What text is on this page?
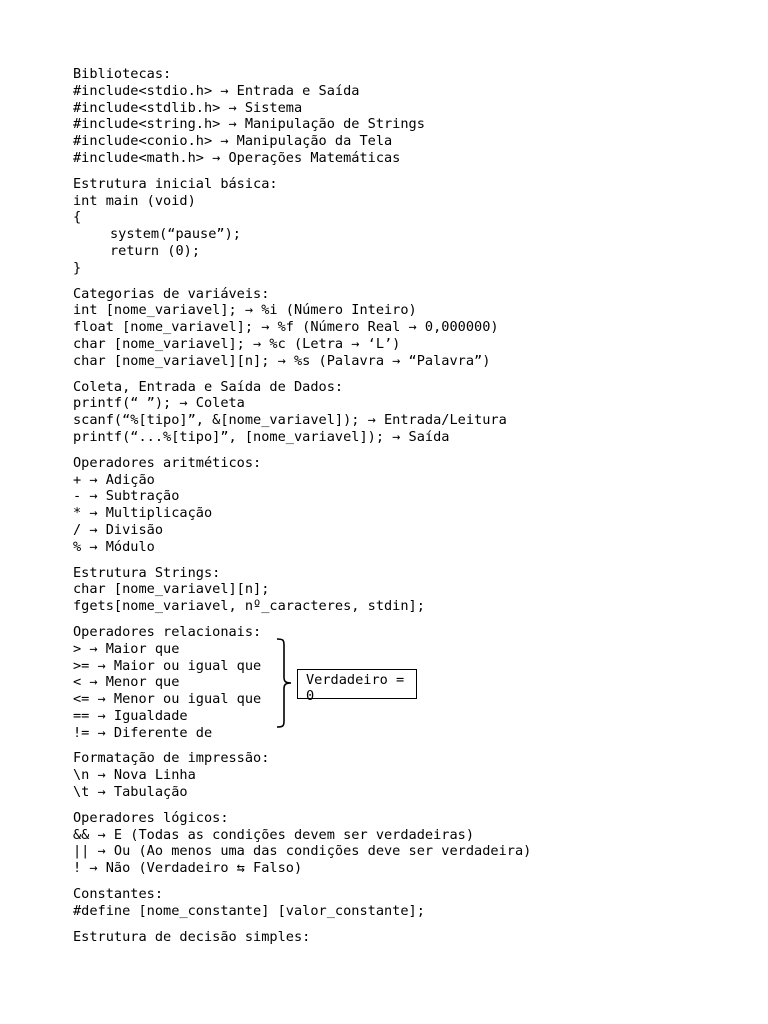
Bibliotecas:
#include<stdio.h> → Entrada e Saída
#include<stdlib.h> → Sistema
#include<string.h> → Manipulação de Strings
#include<conio.h> → Manipulação da Tela
#include<math.h> → Operações Matemáticas
Estrutura inicial básica:
int main (void)
{
system(“pause”);
return (0);
}
Categorias de variáveis:
int [nome_variavel]; → %i (Número Inteiro)
float [nome_variavel]; → %f (Número Real → 0,000000)
char [nome_variavel]; → %c (Letra → ‘L’)
char [nome_variavel][n]; → %s (Palavra → “Palavra”)
Coleta, Entrada e Saída de Dados:
printf(“ ”); → Coleta
scanf(“%[tipo]”, &[nome_variavel]); → Entrada/Leitura
printf(“...%[tipo]”, [nome_variavel]); → Saída
Operadores aritméticos:
+ → Adição
- → Subtração
* → Multiplicação
/ → Divisão
% → Módulo
Estrutura Strings:
char [nome_variavel][n];
fgets[nome_variavel, nº_caracteres, stdin];
Operadores relacionais:
> → Maior que
>= → Maior ou igual que
< → Menor que
<= → Menor ou igual que
== → Igualdade
!= → Diferente de
Verdadeiro =
0
Formatação de impressão:
\n → Nova Linha
\t → Tabulação
Operadores lógicos:
&& → E (Todas as condições devem ser verdadeiras)
|| → Ou (Ao menos uma das condições deve ser verdadeira)
! → Não (Verdadeiro ⇆ Falso)
Constantes:
#define [nome_constante] [valor_constante];
Estrutura de decisão simples:
